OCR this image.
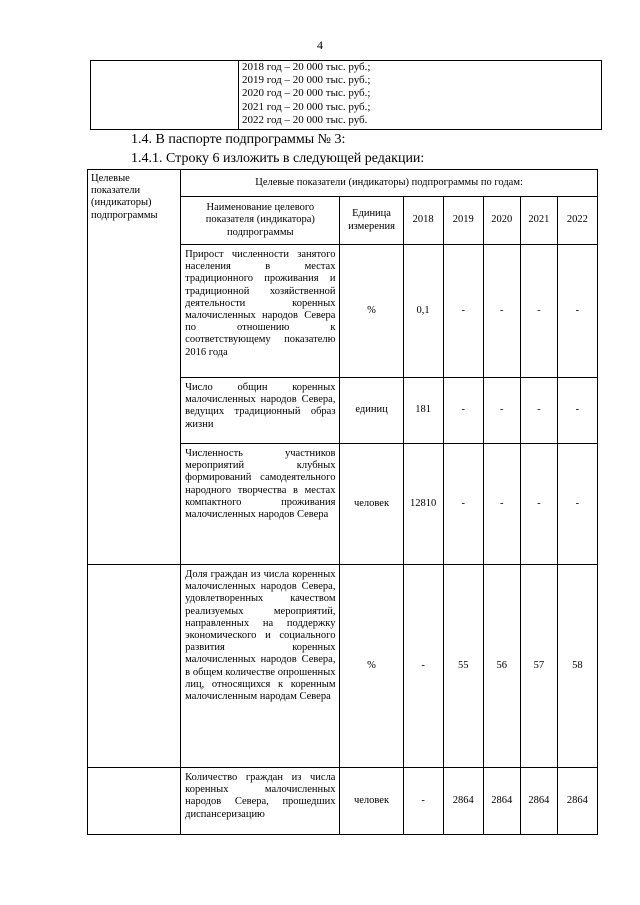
4

2018 год – 20 000 тыс. руб.;
2019 год – 20 000 тыс. руб.;
2020 год – 20 000 тыс. руб.;
2021 год – 20 000 тыс. руб.;
2022 год – 20 000 тыс. руб.
1.4. В паспорте подпрограммы № 3:
1.4.1. Строку 6 изложить в следующей редакции:
Целевые показатели (индикаторы) подпрограммы	Целевые показатели (индикаторы) подпрограммы по годам:						
	Наименование целевого показателя (индикатора) подпрограммы	Единица измерения	2018	2019	2020	2021	2022
	Прирост численности занятого населения в местах традиционного проживания и традиционной хозяйственной деятельности коренных малочисленных народов Севера по отношению к соответствующему показателю 2016 года	%	0,1	-	-	-	-
	Число общин коренных малочисленных народов Севера, ведущих традиционный образ жизни	единиц	181	-	-	-	-
	Численность участников мероприятий клубных формирований самодеятельного народного творчества в местах компактного проживания малочисленных народов Севера	человек	12810	-	-	-	-
	Доля граждан из числа коренных малочисленных народов Севера, удовлетворенных качеством реализуемых мероприятий, направленных на поддержку экономического и социального развития коренных малочисленных народов Севера, в общем количестве опрошенных лиц, относящихся к коренным малочисленным народам Севера	%	-	55	56	57	58
	Количество граждан из числа коренных малочисленных народов Севера, прошедших диспансеризацию	человек	-	2864	2864	2864	2864
